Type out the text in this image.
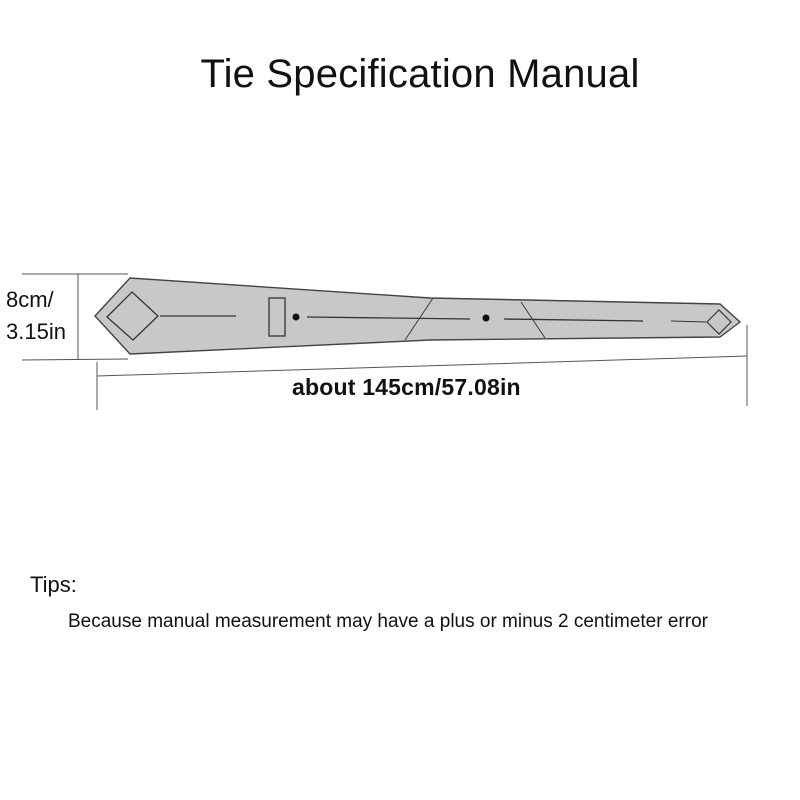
Tie Specification Manual
8cm/
3.15in
about 145cm/57.08in
Tips:
Because manual measurement may have a plus or minus 2 centimeter error
